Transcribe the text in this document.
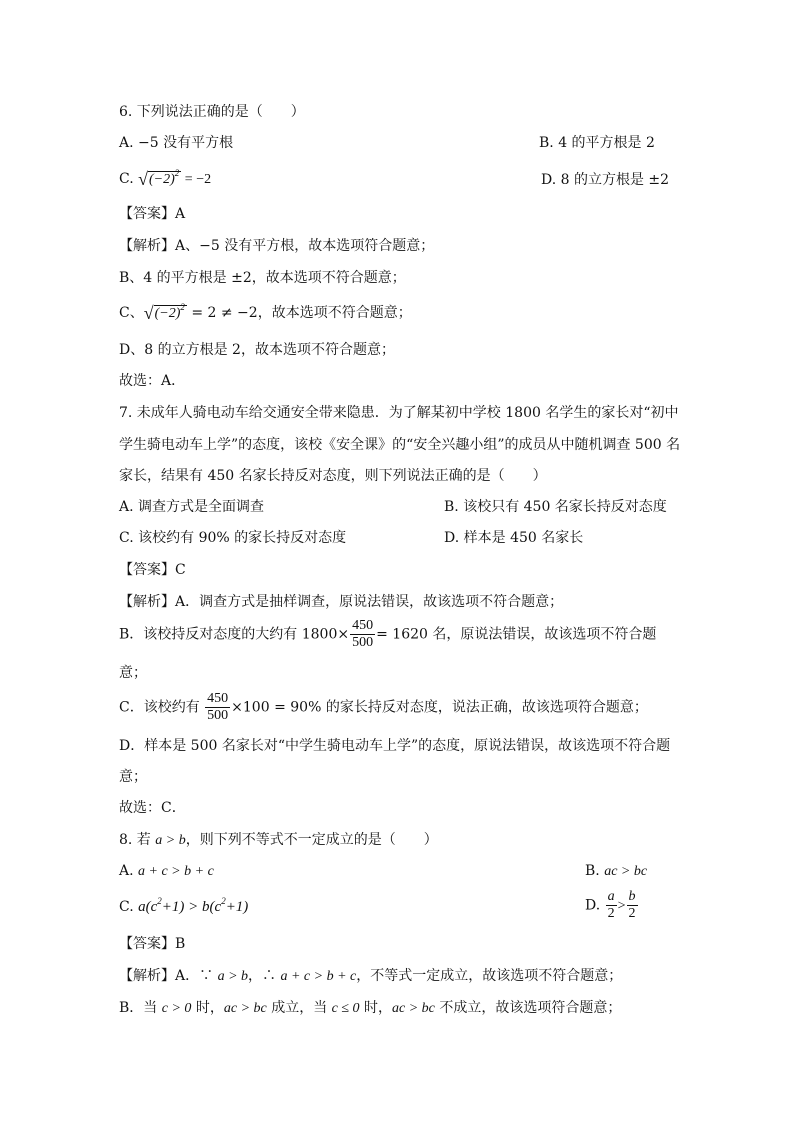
6. 下列说法正确的是（　　）
A. −5 没有平方根	B. 4 的平方根是 2
C. $√(-2)^2 = -2$	D. 8 的立方根是 ±2
【答案】A
【解析】A、−5 没有平方根，故本选项符合题意；
B、4 的平方根是 ±2，故本选项不符合题意；
C、$√(-2)^2 = 2 \ne -2$，故本选项不符合题意；
D、8 的立方根是 2，故本选项不符合题意；
故选：A．
7. 未成年人骑电动车给交通安全带来隐患．为了解某初中学校 1800 名学生的家长对“初中
学生骑电动车上学”的态度，该校《安全课》的“安全兴趣小组”的成员从中随机调查 500 名
家长，结果有 450 名家长持反对态度，则下列说法正确的是（　　）
A. 调查方式是全面调查	B. 该校只有 450 名家长持反对态度
C. 该校约有 90% 的家长持反对态度	D. 样本是 450 名家长
【答案】C
【解析】A．调查方式是抽样调查，原说法错误，故该选项不符合题意；
B．该校持反对态度的大约有 $1800\times \frac{450}{500} = 1620$ 名，原说法错误，故该选项不符合题
意；
C．该校约有 $\frac{450}{500} \times 100 = 90\%$ 的家长持反对态度，说法正确，故该选项符合题意；
D．样本是 500 名家长对“中学生骑电动车上学”的态度，原说法错误，故该选项不符合题
意；
故选：C．
8. 若 a > b，则下列不等式不一定成立的是（　　）
A. a + c > b + c	B. ac > bc
C. $a(c^2+1) > b(c^2+1)$	D. $\frac{a}{2} > \frac{b}{2}$
【答案】B
【解析】A．∵ a > b，∴ a + c > b + c，不等式一定成立，故该选项不符合题意；
B．当 c > 0 时，ac > bc 成立，当 c ≤ 0 时，ac > bc 不成立，故该选项符合题意；
